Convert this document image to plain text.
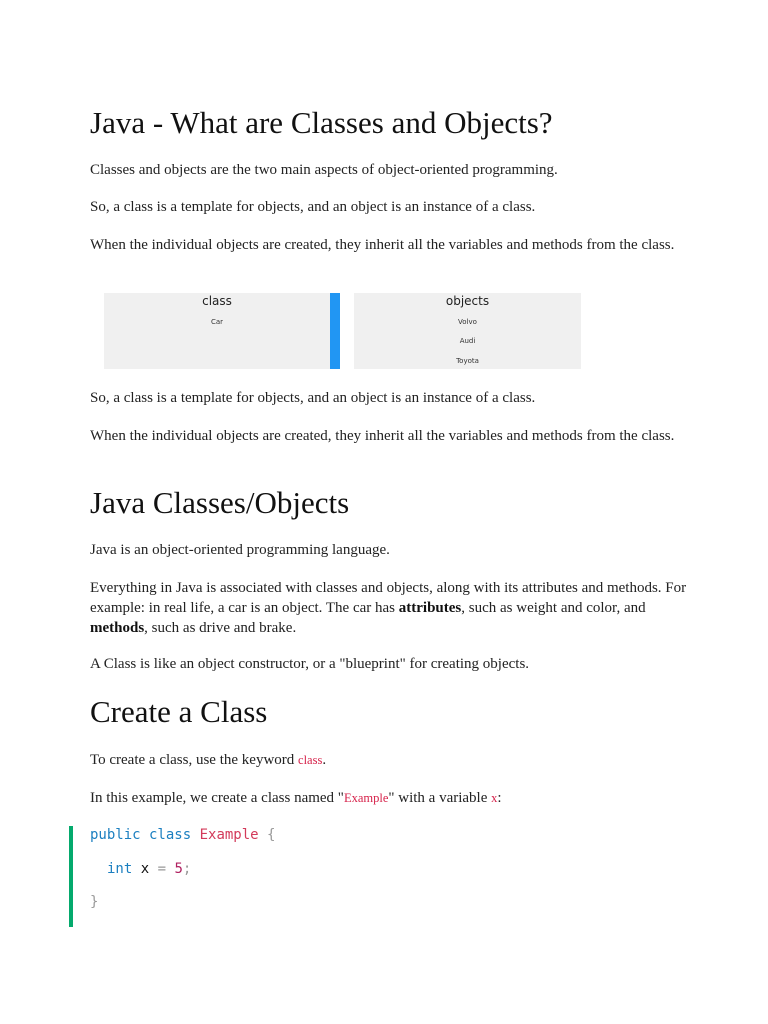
Java - What are Classes and Objects?

Classes and objects are the two main aspects of object-oriented programming.

So, a class is a template for objects, and an object is an instance of a class.

When the individual objects are created, they inherit all the variables and methods from the class.

class
Car
objects
Volvo
Audi
Toyota

So, a class is a template for objects, and an object is an instance of a class.

When the individual objects are created, they inherit all the variables and methods from the class.

Java Classes/Objects

Java is an object-oriented programming language.

Everything in Java is associated with classes and objects, along with its attributes and methods. For example: in real life, a car is an object. The car has attributes, such as weight and color, and methods, such as drive and brake.

A Class is like an object constructor, or a "blueprint" for creating objects.

Create a Class

To create a class, use the keyword class.

In this example, we create a class named "Example" with a variable x:

public class Example {
int x = 5;
}
